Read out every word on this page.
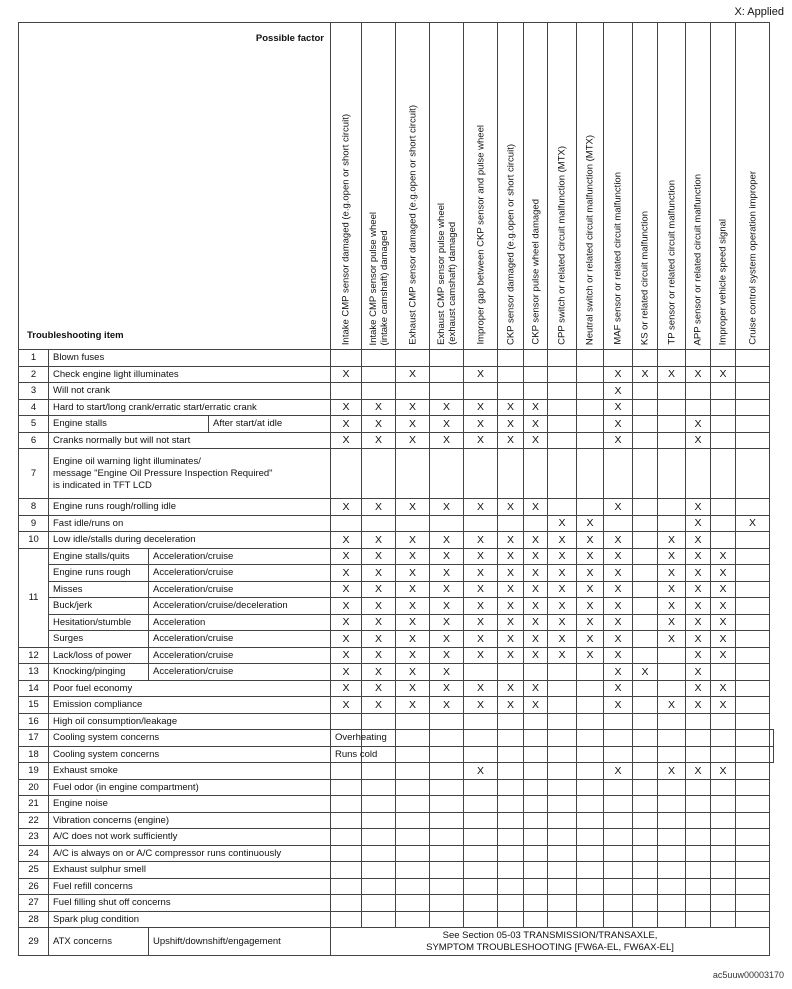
X: Applied
Possible factor
Troubleshooting item				Intake CMP sensor damaged (e.g.open or short circuit)	Intake CMP sensor pulse wheel
(intake camshaft) damaged	Exhaust CMP sensor damaged (e.g.open or short circuit)	Exhaust CMP sensor pulse wheel
(exhaust camshaft) damaged	Improper gap between CKP sensor and pulse wheel	CKP sensor damaged (e.g.open or short circuit)	CKP sensor pulse wheel damaged	CPP switch or related circuit malfunction (MTX)	Neutral switch or related circuit malfunction (MTX)	MAF sensor or related circuit malfunction	KS or related circuit malfunction	TP sensor or related circuit malfunction	APP sensor or related circuit malfunction	Improper vehicle speed signal	Cruise control system operation improper	

1	Blown fuses																		
2	Check engine light illuminates			X		X		X					X	X	X	X	X		
3	Will not crank												X						
4	Hard to start/long crank/erratic start/erratic crank			X	X	X	X	X	X	X			X						
5	Engine stalls		After start/at idle	X	X	X	X	X	X	X			X			X			
6	Cranks normally but will not start			X	X	X	X	X	X	X			X			X			
7	Engine oil warning light illuminates/
message "Engine Oil Pressure Inspection Required"
is indicated in TFT LCD																		
8	Engine runs rough/rolling idle			X	X	X	X	X	X	X			X			X			
9	Fast idle/runs on										X	X				X		X	
10	Low idle/stalls during deceleration			X	X	X	X	X	X	X	X	X	X		X	X			
11	Engine stalls/quits	Acceleration/cruise		X	X	X	X	X	X	X	X	X	X		X	X	X		
	Engine runs rough	Acceleration/cruise		X	X	X	X	X	X	X	X	X	X		X	X	X		
	Misses	Acceleration/cruise		X	X	X	X	X	X	X	X	X	X		X	X	X		
	Buck/jerk	Acceleration/cruise/deceleration		X	X	X	X	X	X	X	X	X	X		X	X	X		
	Hesitation/stumble	Acceleration		X	X	X	X	X	X	X	X	X	X		X	X	X		
	Surges	Acceleration/cruise		X	X	X	X	X	X	X	X	X	X		X	X	X		
12	Lack/loss of power	Acceleration/cruise		X	X	X	X	X	X	X	X	X	X			X	X		
13	Knocking/pinging	Acceleration/cruise		X	X	X	X						X	X		X			
14	Poor fuel economy			X	X	X	X	X	X	X			X			X	X		
15	Emission compliance			X	X	X	X	X	X	X			X		X	X	X		
16	High oil consumption/leakage																		
17	Cooling system concerns			Overheating															
18	Cooling system concerns			Runs cold															
19	Exhaust smoke							X					X		X	X	X		
20	Fuel odor (in engine compartment)																		
21	Engine noise																		
22	Vibration concerns (engine)																		
23	A/C does not work sufficiently																		
24	A/C is always on or A/C compressor runs continuously																		
25	Exhaust sulphur smell																		
26	Fuel refill concerns																		
27	Fuel filling shut off concerns																		
28	Spark plug condition																		
29	ATX concerns	Upshift/downshift/engagement		See Section 05-03 TRANSMISSION/TRANSAXLE,
SYMPTOM TROUBLESHOOTING [FW6A-EL, FW6AX-EL]															
ac5uuw00003170
